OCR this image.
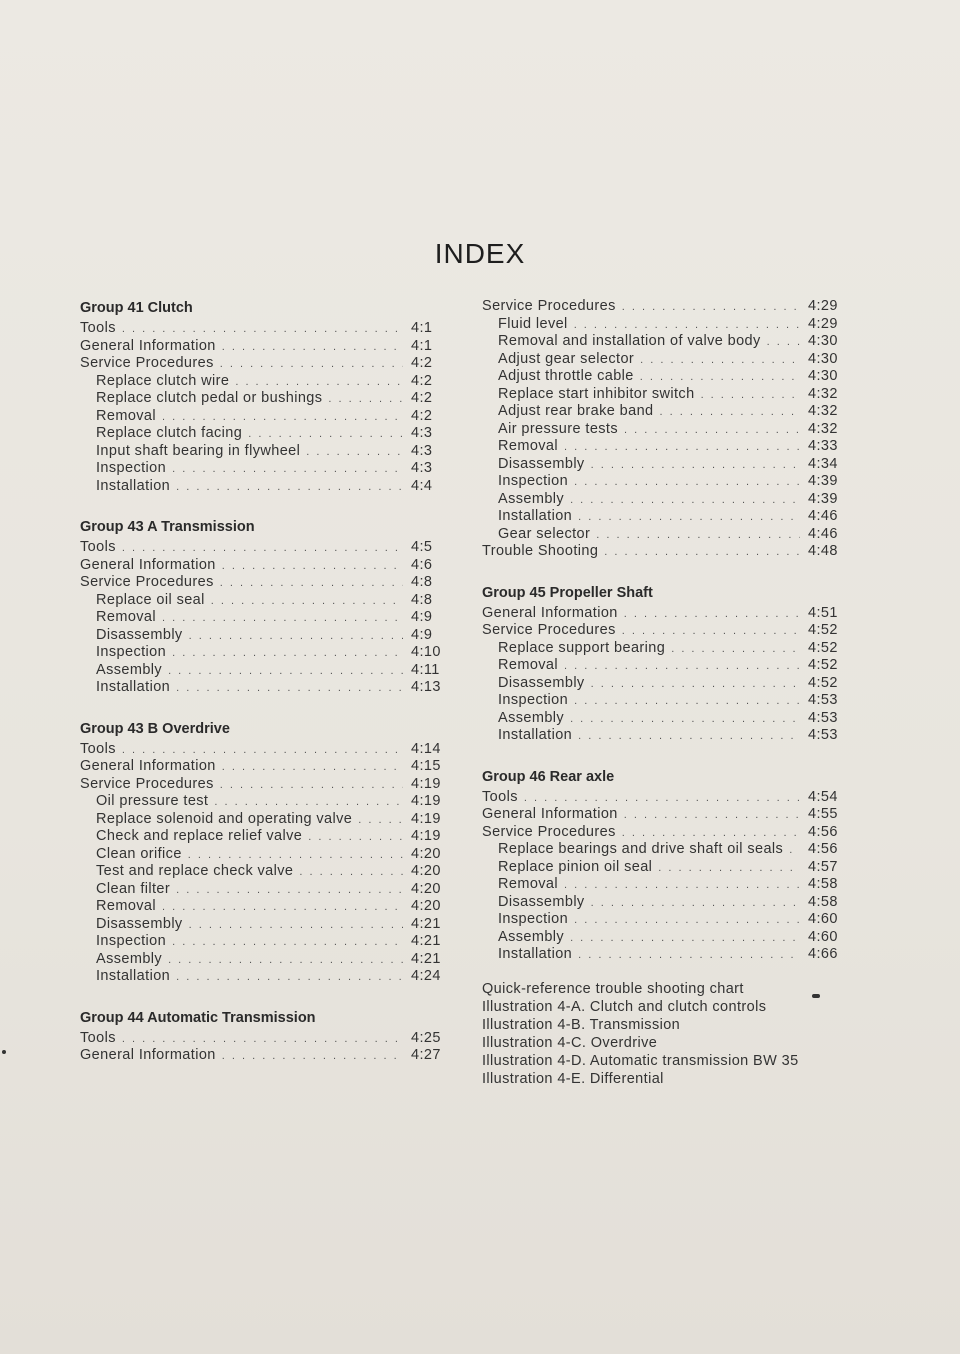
INDEX
Group 41 Clutch
Tools . . .	4:1
General Information . . .	4:1
Service Procedures . . .	4:2
Replace clutch wire . . .	4:2
Replace clutch pedal or bushings . . .	4:2
Removal . . .	4:2
Replace clutch facing . . .	4:3
Input shaft bearing in flywheel . . .	4:3
Inspection . . .	4:3
Installation . . .	4:4
Group 43 A Transmission
Tools . . .	4:5
General Information . . .	4:6
Service Procedures . . .	4:8
Replace oil seal . . .	4:8
Removal . . .	4:9
Disassembly . . .	4:9
Inspection . . .	4:10
Assembly . . .	4:11
Installation . . .	4:13
Group 43 B Overdrive
Tools . . .	4:14
General Information . . .	4:15
Service Procedures . . .	4:19
Oil pressure test . . .	4:19
Replace solenoid and operating valve . . .	4:19
Check and replace relief valve . . .	4:19
Clean orifice . . .	4:20
Test and replace check valve . . .	4:20
Clean filter . . .	4:20
Removal . . .	4:20
Disassembly . . .	4:21
Inspection . . .	4:21
Assembly . . .	4:21
Installation . . .	4:24
Group 44 Automatic Transmission
Tools . . .	4:25
General Information . . .	4:27
Service Procedures . . .	4:29
Fluid level . . .	4:29
Removal and installation of valve body . . .	4:30
Adjust gear selector . . .	4:30
Adjust throttle cable . . .	4:30
Replace start inhibitor switch . . .	4:32
Adjust rear brake band . . .	4:32
Air pressure tests . . .	4:32
Removal . . .	4:33
Disassembly . . .	4:34
Inspection . . .	4:39
Assembly . . .	4:39
Installation . . .	4:46
Gear selector . . .	4:46
Trouble Shooting . . .	4:48
Group 45 Propeller Shaft
General Information . . .	4:51
Service Procedures . . .	4:52
Replace support bearing . . .	4:52
Removal . . .	4:52
Disassembly . . .	4:52
Inspection . . .	4:53
Assembly . . .	4:53
Installation . . .	4:53
Group 46 Rear axle
Tools . . .	4:54
General Information . . .	4:55
Service Procedures . . .	4:56
Replace bearings and drive shaft oil seals . . . 4:56
Replace pinion oil seal . . .	4:57
Removal . . .	4:58
Disassembly . . .	4:58
Inspection . . .	4:60
Assembly . . .	4:60
Installation . . .	4:66
Quick-reference trouble shooting chart
Illustration 4-A. Clutch and clutch controls
Illustration 4-B. Transmission
Illustration 4-C. Overdrive
Illustration 4-D. Automatic transmission BW 35
Illustration 4-E. Differential
